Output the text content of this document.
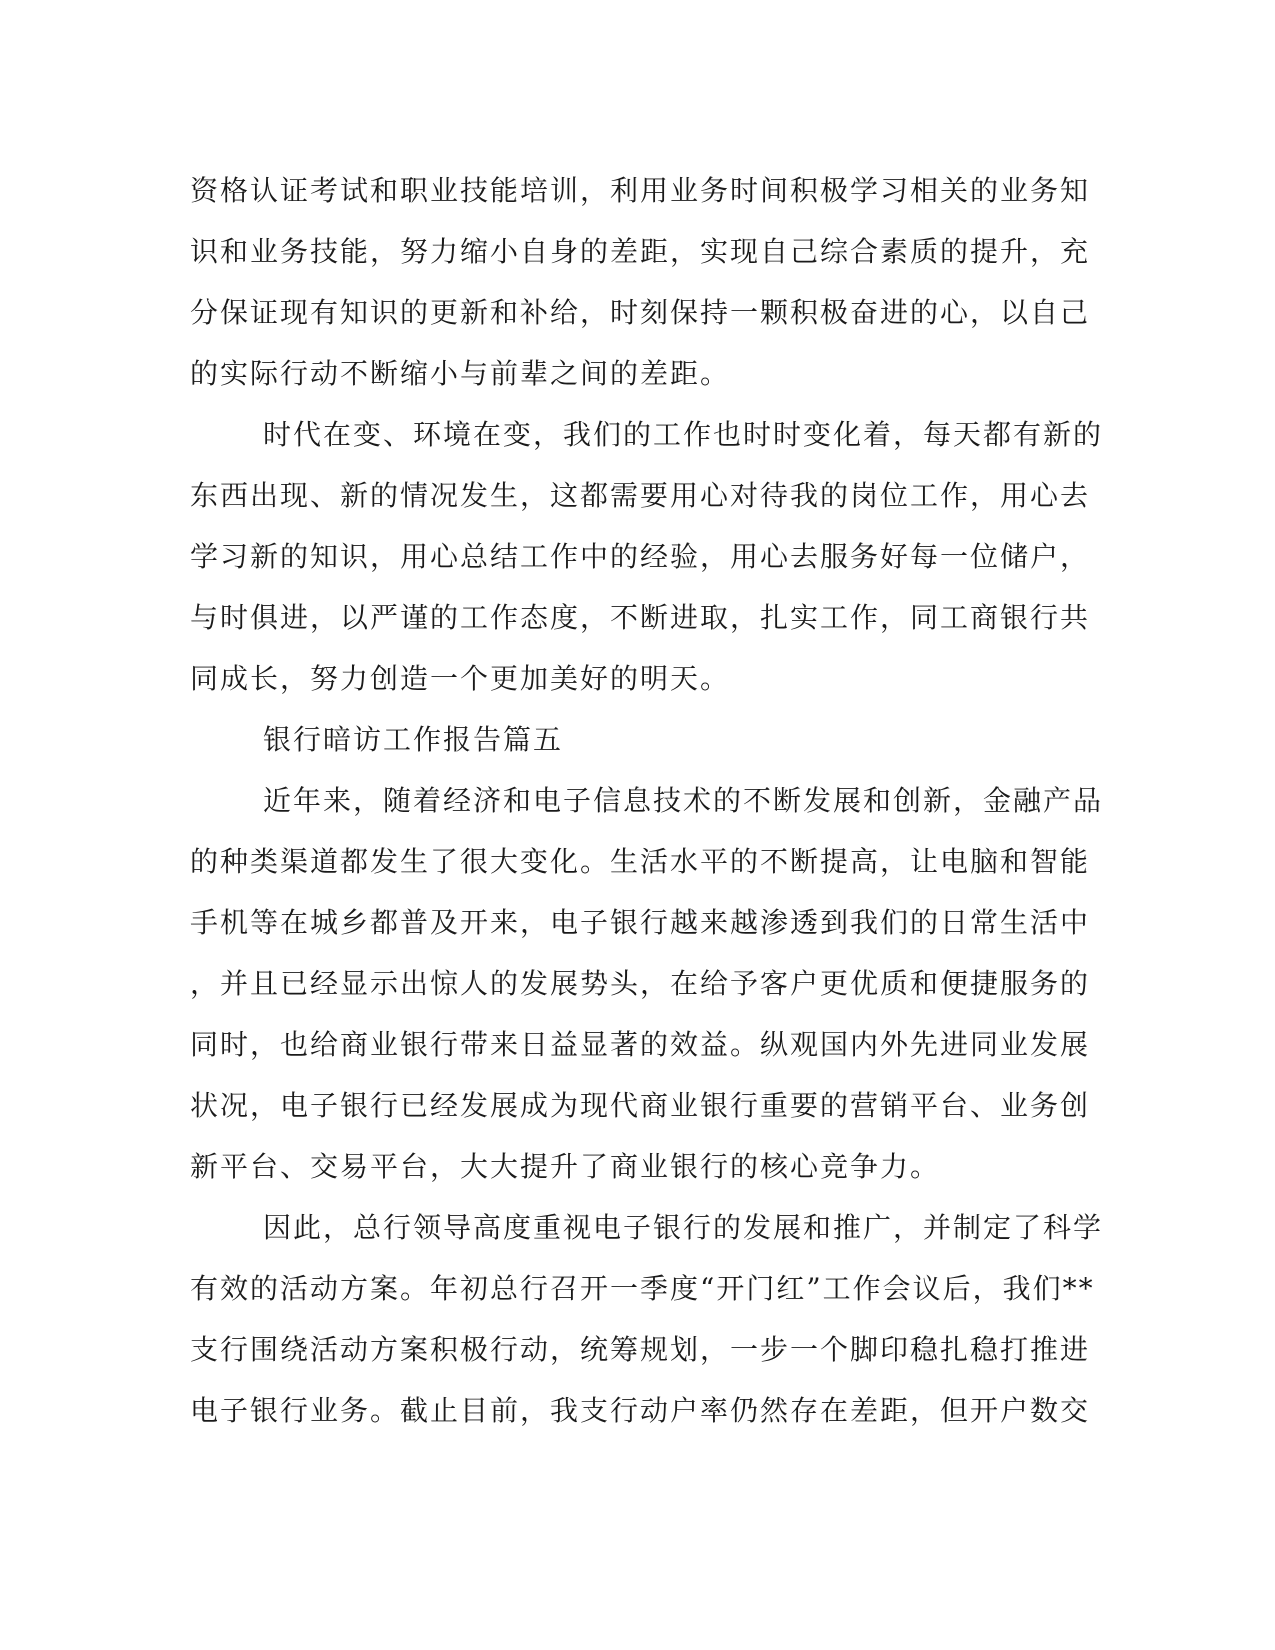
资格认证考试和职业技能培训，利用业务时间积极学习相关的业务知
识和业务技能，努力缩小自身的差距，实现自己综合素质的提升，充
分保证现有知识的更新和补给，时刻保持一颗积极奋进的心，以自己
的实际行动不断缩小与前辈之间的差距。
时代在变、环境在变，我们的工作也时时变化着，每天都有新的
东西出现、新的情况发生，这都需要用心对待我的岗位工作，用心去
学习新的知识，用心总结工作中的经验，用心去服务好每一位储户，
与时俱进，以严谨的工作态度，不断进取，扎实工作，同工商银行共
同成长，努力创造一个更加美好的明天。
银行暗访工作报告篇五
近年来，随着经济和电子信息技术的不断发展和创新，金融产品
的种类渠道都发生了很大变化。生活水平的不断提高，让电脑和智能
手机等在城乡都普及开来，电子银行越来越渗透到我们的日常生活中
，并且已经显示出惊人的发展势头，在给予客户更优质和便捷服务的
同时，也给商业银行带来日益显著的效益。纵观国内外先进同业发展
状况，电子银行已经发展成为现代商业银行重要的营销平台、业务创
新平台、交易平台，大大提升了商业银行的核心竞争力。
因此，总行领导高度重视电子银行的发展和推广，并制定了科学
有效的活动方案。年初总行召开一季度“开门红”工作会议后，我们**
支行围绕活动方案积极行动，统筹规划，一步一个脚印稳扎稳打推进
电子银行业务。截止目前，我支行动户率仍然存在差距，但开户数交
